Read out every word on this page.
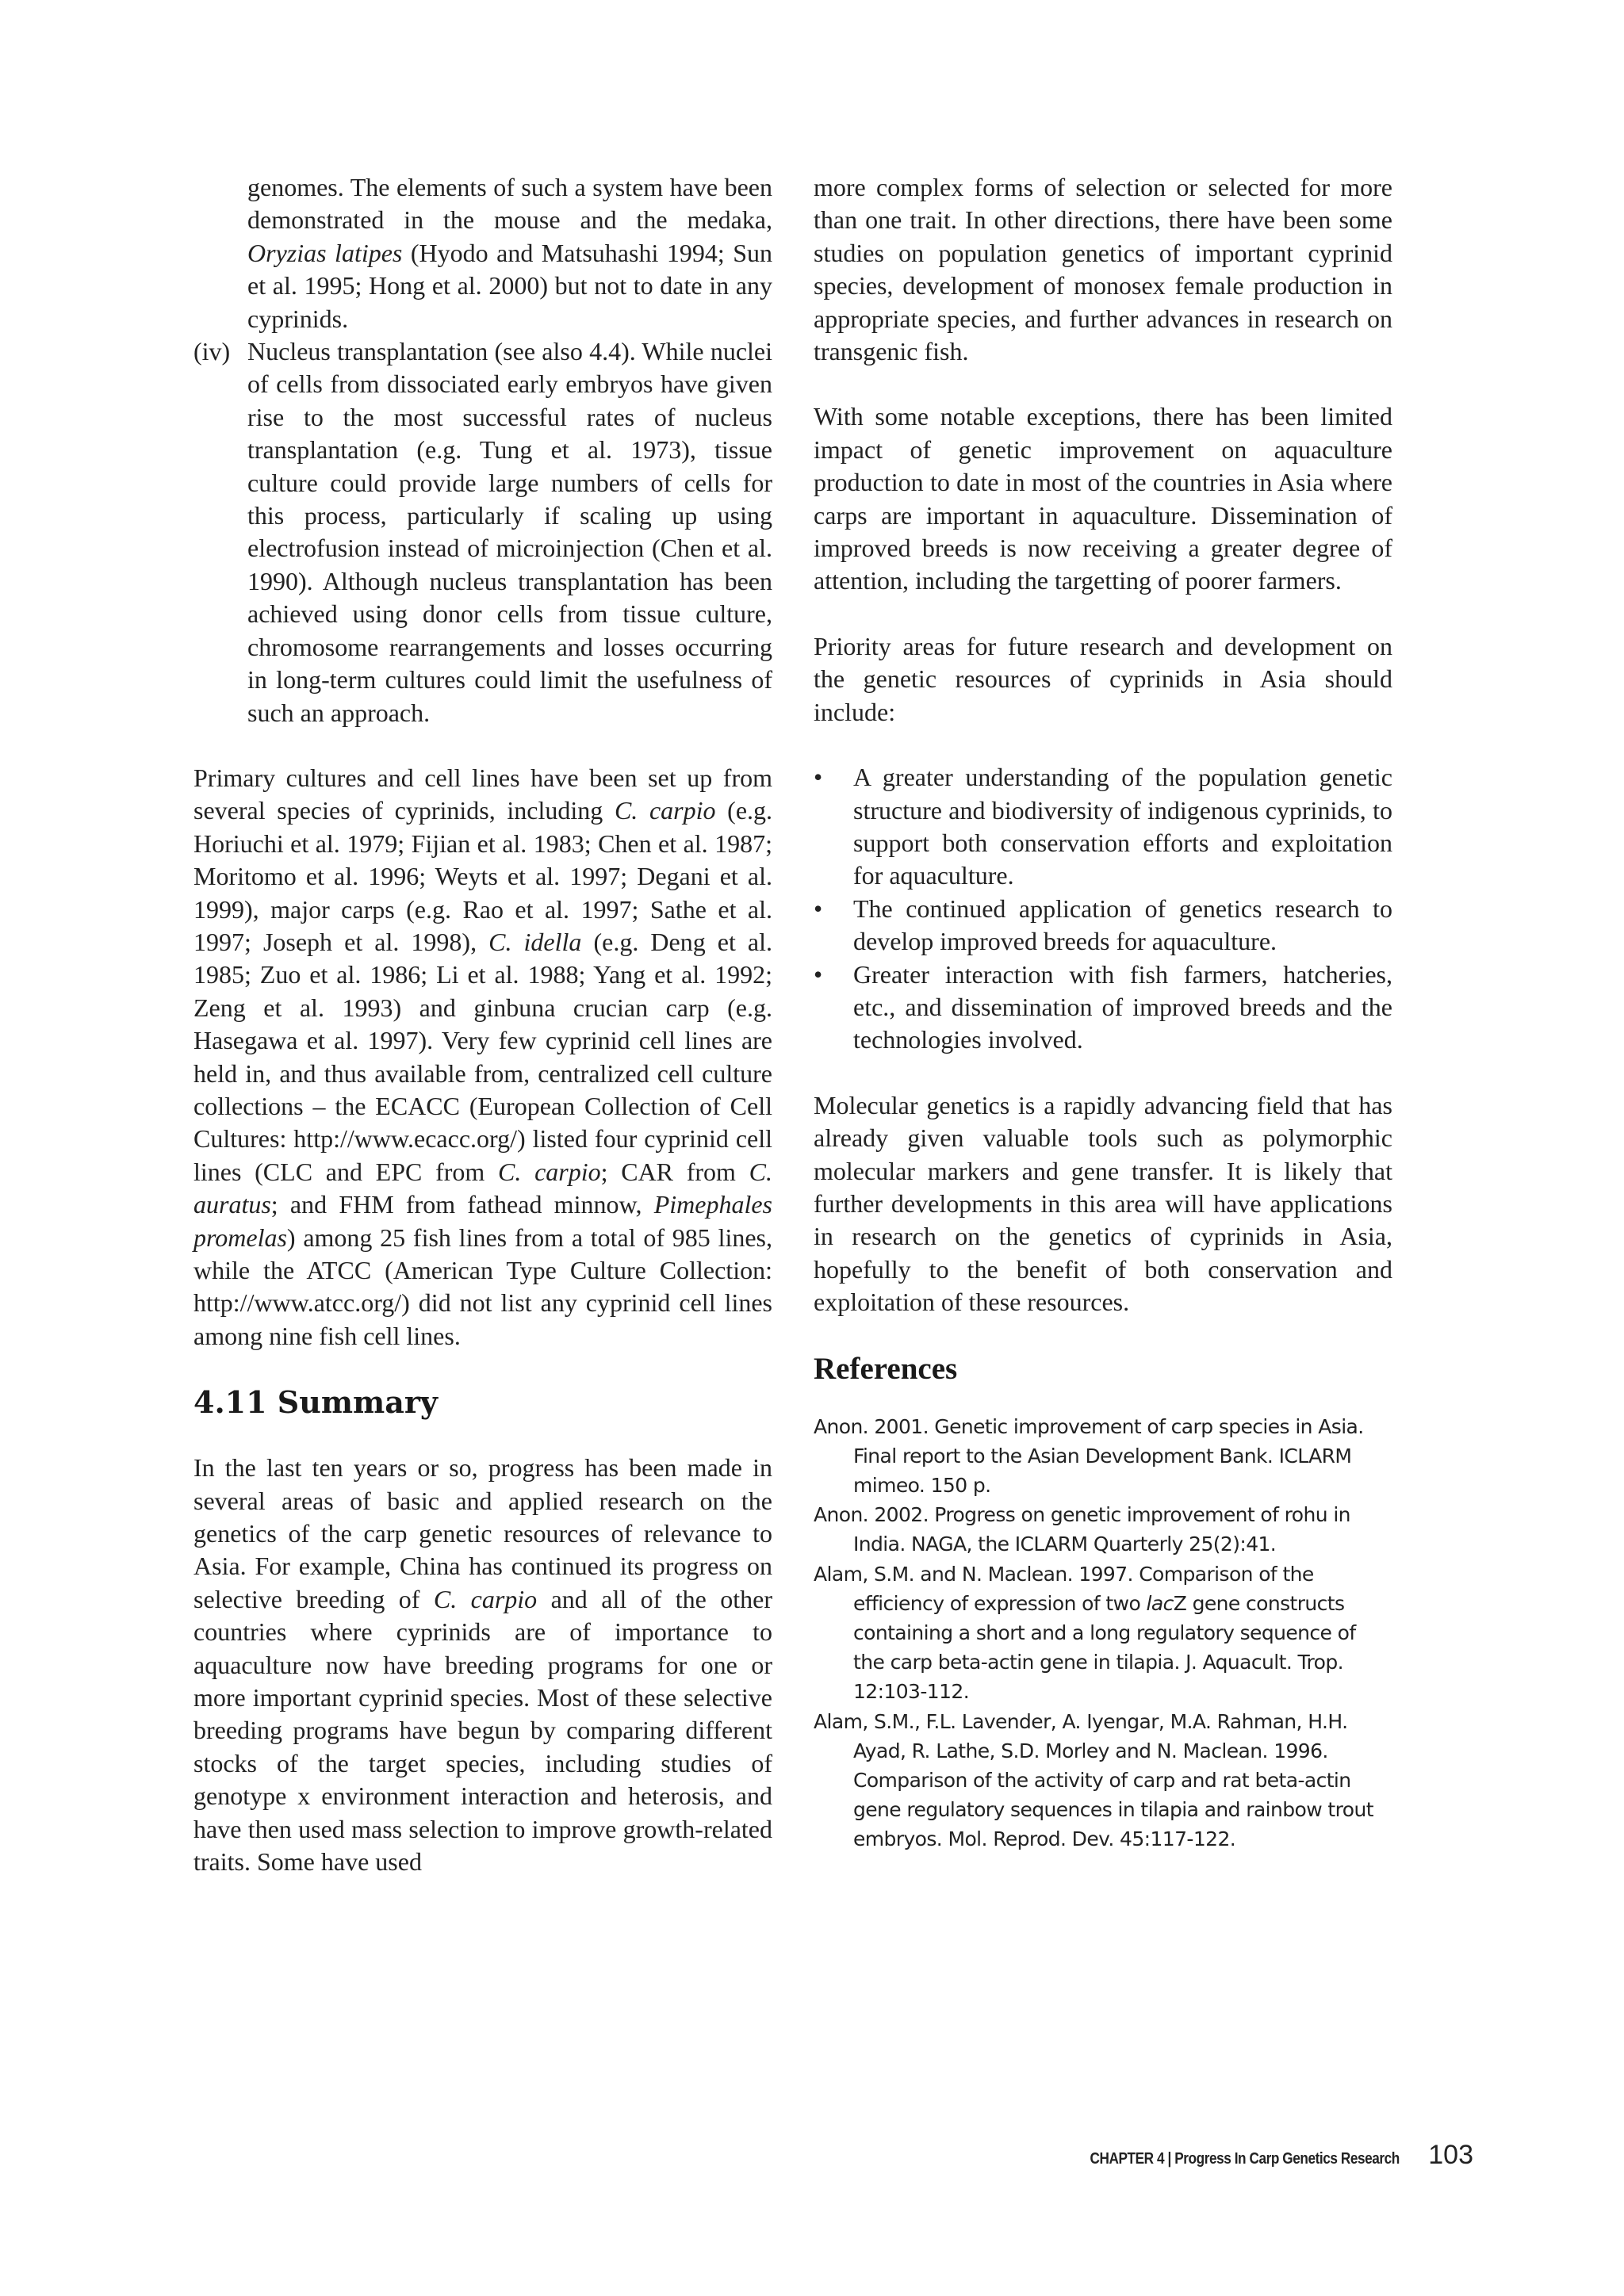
genomes. The elements of such a system have been demonstrated in the mouse and the medaka, Oryzias latipes (Hyodo and Matsuhashi 1994; Sun et al. 1995; Hong et al. 2000) but not to date in any cyprinids.

(iv) Nucleus transplantation (see also 4.4). While nuclei of cells from dissociated early embryos have given rise to the most successful rates of nucleus transplantation (e.g. Tung et al. 1973), tissue culture could provide large numbers of cells for this process, particularly if scaling up using electrofusion instead of microinjection (Chen et al. 1990). Although nucleus transplantation has been achieved using donor cells from tissue culture, chromosome rearrangements and losses occurring in long-term cultures could limit the usefulness of such an approach.

Primary cultures and cell lines have been set up from several species of cyprinids, including C. carpio (e.g. Horiuchi et al. 1979; Fijian et al. 1983; Chen et al. 1987; Moritomo et al. 1996; Weyts et al. 1997; Degani et al. 1999), major carps (e.g. Rao et al. 1997; Sathe et al. 1997; Joseph et al. 1998), C. idella (e.g. Deng et al. 1985; Zuo et al. 1986; Li et al. 1988; Yang et al. 1992; Zeng et al. 1993) and ginbuna crucian carp (e.g. Hasegawa et al. 1997). Very few cyprinid cell lines are held in, and thus available from, centralized cell culture collections – the ECACC (European Collection of Cell Cultures: http://www.ecacc.org/) listed four cyprinid cell lines (CLC and EPC from C. carpio; CAR from C. auratus; and FHM from fathead minnow, Pimephales promelas) among 25 fish lines from a total of 985 lines, while the ATCC (American Type Culture Collection: http://www.atcc.org/) did not list any cyprinid cell lines among nine fish cell lines.

4.11 Summary

In the last ten years or so, progress has been made in several areas of basic and applied research on the genetics of the carp genetic resources of relevance to Asia. For example, China has continued its progress on selective breeding of C. carpio and all of the other countries where cyprinids are of importance to aquaculture now have breeding programs for one or more important cyprinid species. Most of these selective breeding programs have begun by comparing different stocks of the target species, including studies of genotype x environment interaction and heterosis, and have then used mass selection to improve growth-related traits. Some have used

more complex forms of selection or selected for more than one trait. In other directions, there have been some studies on population genetics of important cyprinid species, development of monosex female production in appropriate species, and further advances in research on transgenic fish.

With some notable exceptions, there has been limited impact of genetic improvement on aquaculture production to date in most of the countries in Asia where carps are important in aquaculture. Dissemination of improved breeds is now receiving a greater degree of attention, including the targetting of poorer farmers.

Priority areas for future research and development on the genetic resources of cyprinids in Asia should include:

• A greater understanding of the population genetic structure and biodiversity of indigenous cyprinids, to support both conservation efforts and exploitation for aquaculture.
• The continued application of genetics research to develop improved breeds for aquaculture.
• Greater interaction with fish farmers, hatcheries, etc., and dissemination of improved breeds and the technologies involved.

Molecular genetics is a rapidly advancing field that has already given valuable tools such as polymorphic molecular markers and gene transfer. It is likely that further developments in this area will have applications in research on the genetics of cyprinids in Asia, hopefully to the benefit of both conservation and exploitation of these resources.

References

Anon. 2001. Genetic improvement of carp species in Asia. Final report to the Asian Development Bank. ICLARM mimeo. 150 p.

Anon. 2002. Progress on genetic improvement of rohu in India. NAGA, the ICLARM Quarterly 25(2):41.

Alam, S.M. and N. Maclean. 1997. Comparison of the efficiency of expression of two lacZ gene constructs containing a short and a long regulatory sequence of the carp beta-actin gene in tilapia. J. Aquacult. Trop. 12:103-112.

Alam, S.M., F.L. Lavender, A. Iyengar, M.A. Rahman, H.H. Ayad, R. Lathe, S.D. Morley and N. Maclean. 1996. Comparison of the activity of carp and rat beta-actin gene regulatory sequences in tilapia and rainbow trout embryos. Mol. Reprod. Dev. 45:117-122.

CHAPTER 4 | Progress In Carp Genetics Research 103
